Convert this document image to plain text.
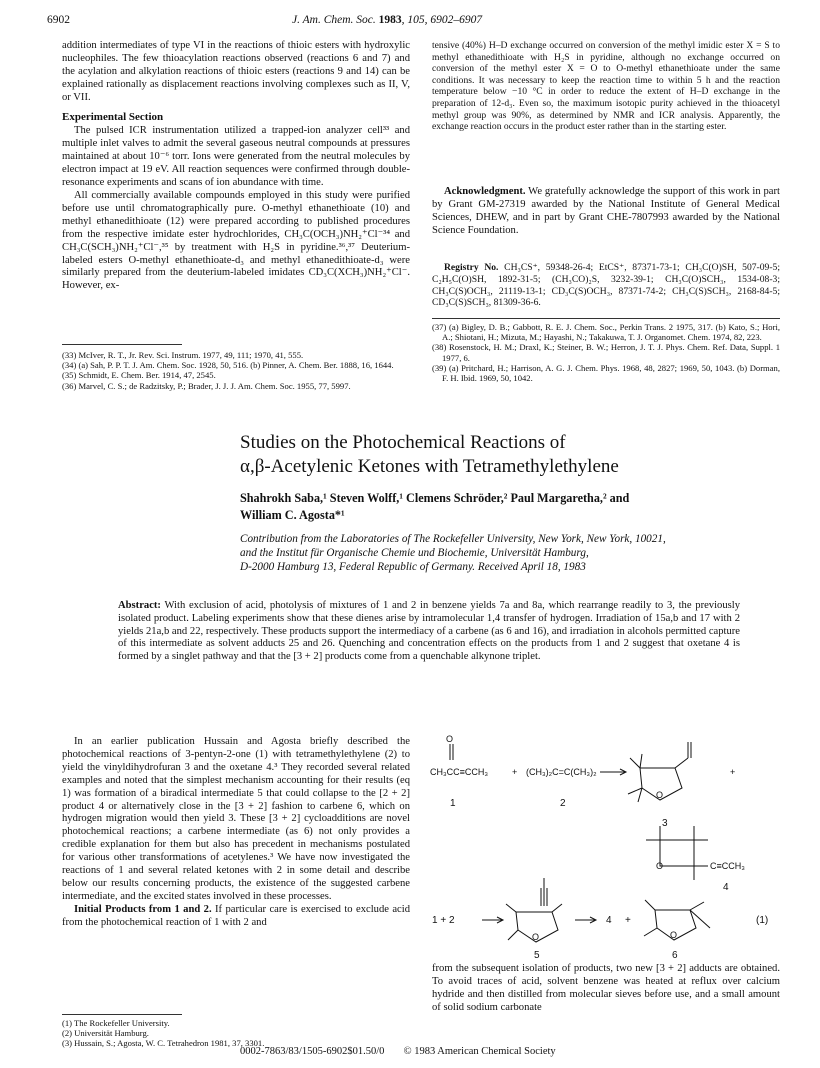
6902	J. Am. Chem. Soc. 1983, 105, 6902–6907

addition intermediates of type VI in the reactions of thioic esters with hydroxylic nucleophiles. The few thioacylation reactions observed (reactions 6 and 7) and the acylation and alkylation reactions of thioic esters (reactions 9 and 14) can be explained rationally as displacement reactions involving complexes such as II, V, or VII.

Experimental Section

The pulsed ICR instrumentation utilized a trapped-ion analyzer cell³³ and multiple inlet valves to admit the several gaseous neutral compounds at pressures maintained at about 10⁻⁶ torr. Ions were generated from the neutral molecules by electron impact at 19 eV. All reaction sequences were confirmed through double-resonance experiments and scans of ion abundance with time.

All commercially available compounds employed in this study were purified before use until chromatographically pure. O-methyl ethanethioate (10) and methyl ethanedithioate (12) were prepared according to published procedures from the respective imidate ester hydrochlorides, CH₃C(OCH₃)NH₂⁺Cl⁻³⁴ and CH₃C(SCH₃)NH₂⁺Cl⁻,³⁵ by treatment with H₂S in pyridine.³⁶,³⁷ Deuterium-labeled esters O-methyl ethanethioate-d₃ and methyl ethanedithioate-d₃ were similarly prepared from the deuterium-labeled imidates CD₃C(XCH₃)NH₂⁺Cl⁻. However, ex-

(33) McIver, R. T., Jr. Rev. Sci. Instrum. 1977, 49, 111; 1970, 41, 555.
(34) (a) Sah, P. P. T. J. Am. Chem. Soc. 1928, 50, 516. (b) Pinner, A. Chem. Ber. 1888, 16, 1644.
(35) Schmidt, E. Chem. Ber. 1914, 47, 2545.
(36) Marvel, C. S.; de Radzitsky, P.; Brader, J. J. J. Am. Chem. Soc. 1955, 77, 5997.

tensive (40%) H–D exchange occurred on conversion of the methyl imidic ester X = S to methyl ethanedithioate with H₂S in pyridine, although no exchange occurred on conversion of the methyl ester X = O to O-methyl ethanethioate under the same conditions. It was necessary to keep the reaction time to within 5 h and the reaction temperature below −10 °C in order to reduce the extent of H–D exchange in the preparation of 12-d₃. Even so, the maximum isotopic purity achieved in the thioacetyl methyl group was 90%, as determined by NMR and ICR analysis. Apparently, the exchange reaction occurs in the product ester rather than in the starting ester.

Acknowledgment. We gratefully acknowledge the support of this work in part by Grant GM-27319 awarded by the National Institute of General Medical Sciences, DHEW, and in part by Grant CHE-7807993 awarded by the National Science Foundation.

Registry No. CH₃CS⁺, 59348-26-4; EtCS⁺, 87371-73-1; CH₃C(O)SH, 507-09-5; C₂H₅C(O)SH, 1892-31-5; (CH₃CO)₂S, 3232-39-1; CH₃C(O)SCH₃, 1534-08-3; CH₃C(S)OCH₃, 21119-13-1; CD₃C(S)OCH₃, 87371-74-2; CH₃C(S)SCH₃, 2168-84-5; CD₃C(S)SCH₃, 81309-36-6.

(37) (a) Bigley, D. B.; Gabbott, R. E. J. Chem. Soc., Perkin Trans. 2 1975, 317. (b) Kato, S.; Hori, A.; Shiotani, H.; Mizuta, M.; Hayashi, N.; Takakuwa, T. J. Organomet. Chem. 1974, 82, 223.
(38) Rosenstock, H. M.; Draxl, K.; Steiner, B. W.; Herron, J. T. J. Phys. Chem. Ref. Data, Suppl. 1 1977, 6.
(39) (a) Pritchard, H.; Harrison, A. G. J. Chem. Phys. 1968, 48, 2827; 1969, 50, 1043. (b) Dorman, F. H. Ibid. 1969, 50, 1042.
Studies on the Photochemical Reactions of
α,β-Acetylenic Ketones with Tetramethylethylene
Shahrokh Saba,¹ Steven Wolff,¹ Clemens Schröder,² Paul Margaretha,² and
William C. Agosta*¹
Contribution from the Laboratories of The Rockefeller University, New York, New York, 10021,
and the Institut für Organische Chemie und Biochemie, Universität Hamburg,
D-2000 Hamburg 13, Federal Republic of Germany. Received April 18, 1983
Abstract: With exclusion of acid, photolysis of mixtures of 1 and 2 in benzene yields 7a and 8a, which rearrange readily to 3, the previously isolated product. Labeling experiments show that these dienes arise by intramolecular 1,4 transfer of hydrogen. Irradiation of 15a,b and 17 with 2 yields 21a,b and 22, respectively. These products support the intermediacy of a carbene (as 6 and 16), and irradiation in alcohols permitted capture of this intermediate as solvent adducts 25 and 26. Quenching and concentration effects on the products from 1 and 2 suggest that oxetane 4 is formed by a singlet pathway and that the [3 + 2] products come from a quenchable alkynone triplet.

In an earlier publication Hussain and Agosta briefly described the photochemical reactions of 3-pentyn-2-one (1) with tetramethylethylene (2) to yield the vinyldihydrofuran 3 and the oxetane 4.³ They recorded several related examples and noted that the simplest mechanism accounting for their results (eq 1) was formation of a biradical intermediate 5 that could collapse to the [2 + 2] product 4 or alternatively close in the [3 + 2] fashion to carbene 6, which on hydrogen migration would then yield 3. These [3 + 2] cycloadditions are novel photochemical reactions; a carbene intermediate (as 6) not only provides a credible explanation for them but also has precedent in mechanisms postulated for various other transformations of acetylenes.³ We have now investigated the reactions of 1 and several related ketones with 2 in some detail and describe below our results concerning products, the existence of the suggested carbene intermediate, and the excited states involved in these processes.

Initial Products from 1 and 2. If particular care is exercised to exclude acid from the photochemical reaction of 1 with 2 and

(1) The Rockefeller University.
(2) Universität Hamburg.
(3) Hussain, S.; Agosta, W. C. Tetrahedron 1981, 37, 3301.
O
CH₃CC≡CCH₃	+ (CH₃)₂C=C(CH₃)₂	+
1	2
O
3
O	C≡CCH₃
4
1 + 2
O
4 +
O
5	6
(1)

from the subsequent isolation of products, two new [3 + 2] adducts are obtained. To avoid traces of acid, solvent benzene was heated at reflux over calcium hydride and then distilled from molecular sieves before use, and a small amount of solid sodium carbonate

0002-7863/83/1505-6902$01.50/0 © 1983 American Chemical Society
